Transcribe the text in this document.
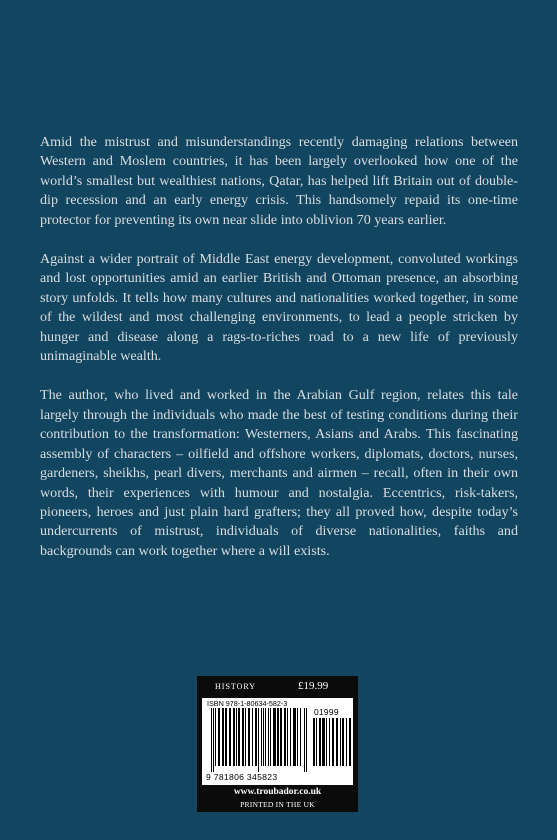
Amid the mistrust and misunderstandings recently damaging relations between Western and Moslem countries, it has been largely overlooked how one of the world’s smallest but wealthiest nations, Qatar, has helped lift Britain out of double-dip recession and an early energy crisis. This handsomely repaid its one-time protector for preventing its own near slide into oblivion 70 years earlier.

Against a wider portrait of Middle East energy development, convoluted workings and lost opportunities amid an earlier British and Ottoman presence, an absorbing story unfolds. It tells how many cultures and nationalities worked together, in some of the wildest and most challenging environments, to lead a people stricken by hunger and disease along a rags-to-riches road to a new life of previously unimaginable wealth.

The author, who lived and worked in the Arabian Gulf region, relates this tale largely through the individuals who made the best of testing conditions during their contribution to the transformation: Westerners, Asians and Arabs. This fascinating assembly of characters – oilfield and offshore workers, diplomats, doctors, nurses, gardeners, sheikhs, pearl divers, merchants and airmen – recall, often in their own words, their experiences with humour and nostalgia. Eccentrics, risk-takers, pioneers, heroes and just plain hard grafters; they all proved how, despite today’s undercurrents of mistrust, individuals of diverse nationalities, faiths and backgrounds can work together where a will exists.

HISTORY	£19.99
ISBN 978-1-80634-582-3
01999
9 781806 345823
www.troubador.co.uk
PRINTED IN THE UK
